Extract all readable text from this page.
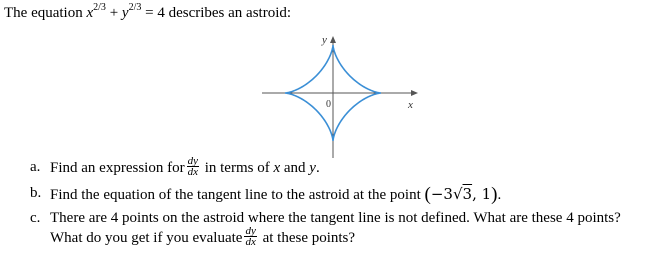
The equation $x^{2/3} + y^{2/3} = 4$ describes an astroid:
y
x
0
a. Find an expression for $\frac{dy}{dx}$ in terms of x and y.
b. Find the equation of the tangent line to the astroid at the point (−3√3, 1).
c. There are 4 points on the astroid where the tangent line is not defined. What are these 4 points?
What do you get if you evaluate $\frac{dy}{dx}$ at these points?
